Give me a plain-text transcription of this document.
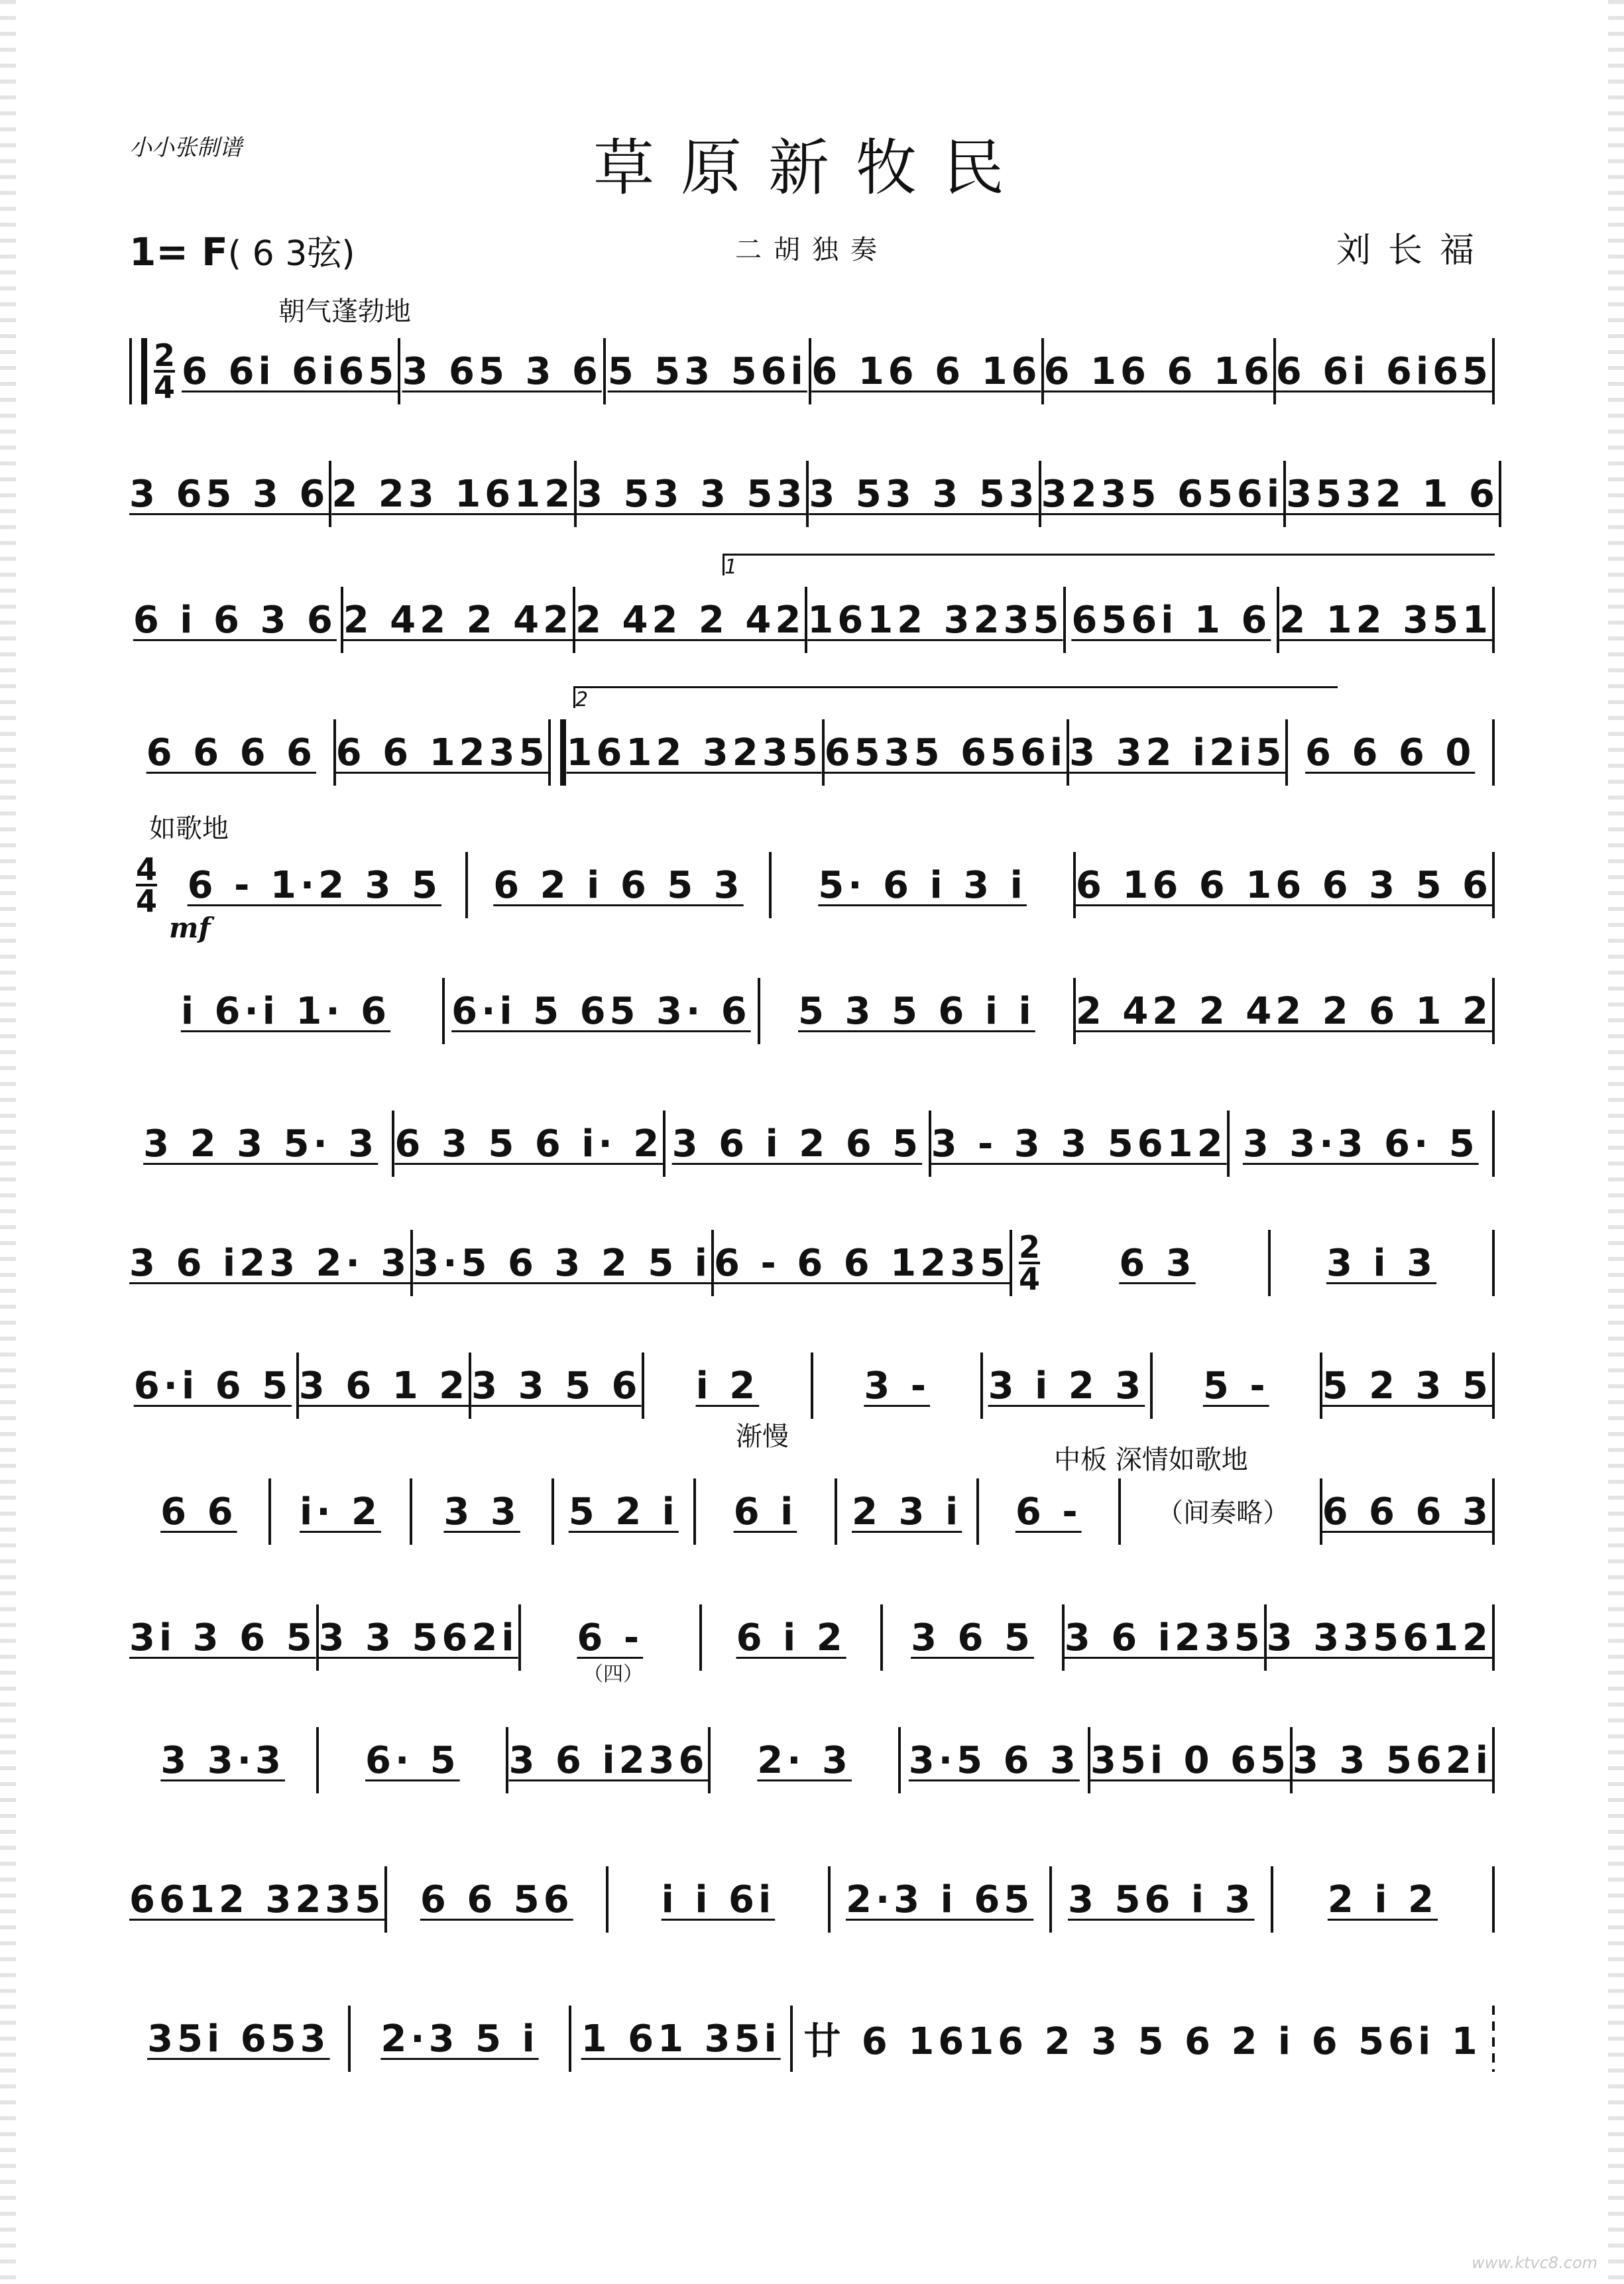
小小张制谱	草原新牧民
1= F( 6 3弦)	二胡独奏	刘长福
朝气蓬勃地
2
4 6 6i 6i65 3 65 3 6 5 53 56i 6 16 6 16 6 16 6 16 6 6i 6i65
3 65 3 6 2 23 1612 3 53 3 53 3 53 3 53 3235 656i 3532 1 6
1
6 i 6 3 6 2 42 2 42 2 42 2 42 1612 3235 656i 1 6 2 12 351
2
6 6 6 6 6 6 1235 1612 3235 6535 656i 3 32 i2i5 6 6 6 0
如歌地
4
4 6 - 1·2 3 5	6 2 i 6 5 3	5· 6 i 3 i	6 16 6 16 6 3 5 6
mf
i 6·i 1· 6	6·i 5 65 3· 6	5 3 5 6 i i	2 42 2 42 2 6 1 2
3 2 3 5· 3 6 3 5 6 i· 2 3 6 i 2 6 5 3 - 3 3 5612 3 3·3 6· 5
3 6 i23 2· 3 3·5 6 3 2 5 i 6 - 6 6 1235 2
4	6 3	3 i 3
6·i 6 5 3 6 1 2 3 3 5 6	i 2	3 -	3 i 2 3	5 -	5 2 3 5
渐慢
中板 深情如歌地
6 6	i· 2	3 3	5 2 i	6 i	2 3 i	6 -	（间奏略） 6 6 6 3
3i 3 6 5 3 3 562i	6 -	6 i 2	3 6 5 3 6 i235 3 335612
（四）
3 3·3	6· 5	3 6 i236	2· 3	3·5 6 3 35i 0 65 3 3 562i
6612 3235 6 6 56	i i 6i	2·3 i 65 3 56 i 3	2 i 2
35i 653	2·3 5 i	1 61 35i 廿 6 1616 2 3 5 6 2 i 6 56i 1
www.ktvc8.com
